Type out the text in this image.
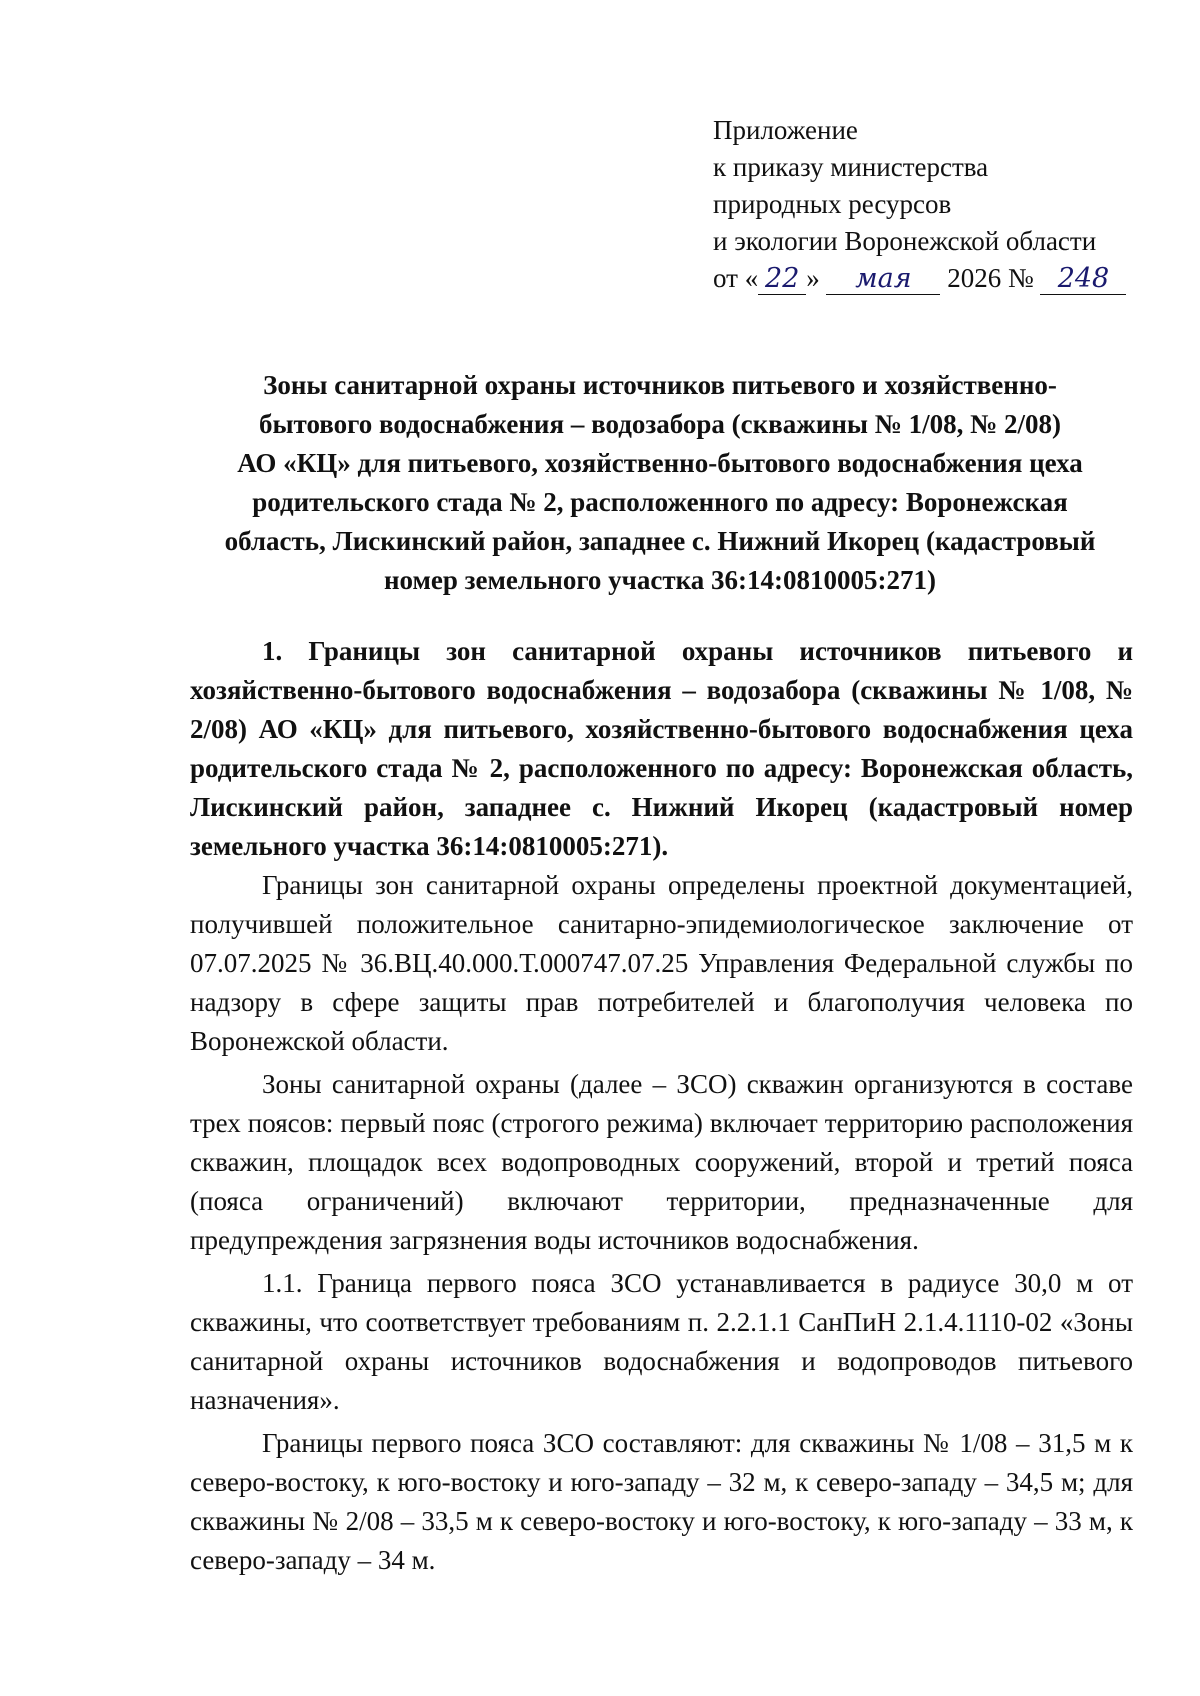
Приложение
к приказу министерства
природных ресурсов
и экологии Воронежской области
от « 22 » мая 2026 № 248
Зоны санитарной охраны источников питьевого и хозяйственно-
бытового водоснабжения – водозабора (скважины № 1/08, № 2/08)
АО «КЦ» для питьевого, хозяйственно-бытового водоснабжения цеха
родительского стада № 2, расположенного по адресу: Воронежская
область, Лискинский район, западнее с. Нижний Икорец (кадастровый
номер земельного участка 36:14:0810005:271)

1. Границы зон санитарной охраны источников питьевого и хозяйственно-бытового водоснабжения – водозабора (скважины № 1/08, № 2/08) АО «КЦ» для питьевого, хозяйственно-бытового водоснабжения цеха родительского стада № 2, расположенного по адресу: Воронежская область, Лискинский район, западнее с. Нижний Икорец (кадастровый номер земельного участка 36:14:0810005:271).

Границы зон санитарной охраны определены проектной документацией, получившей положительное санитарно-эпидемиологическое заключение от 07.07.2025 № 36.ВЦ.40.000.Т.000747.07.25 Управления Федеральной службы по надзору в сфере защиты прав потребителей и благополучия человека по Воронежской области.

Зоны санитарной охраны (далее – ЗСО) скважин организуются в составе трех поясов: первый пояс (строгого режима) включает территорию расположения скважин, площадок всех водопроводных сооружений, второй и третий пояса (пояса ограничений) включают территории, предназначенные для предупреждения загрязнения воды источников водоснабжения.

1.1. Граница первого пояса ЗСО устанавливается в радиусе 30,0 м от скважины, что соответствует требованиям п. 2.2.1.1 СанПиН 2.1.4.1110-02 «Зоны санитарной охраны источников водоснабжения и водопроводов питьевого назначения».

Границы первого пояса ЗСО составляют: для скважины № 1/08 – 31,5 м к северо-востоку, к юго-востоку и юго-западу – 32 м, к северо-западу – 34,5 м; для скважины № 2/08 – 33,5 м к северо-востоку и юго-востоку, к юго-западу – 33 м, к северо-западу – 34 м.
